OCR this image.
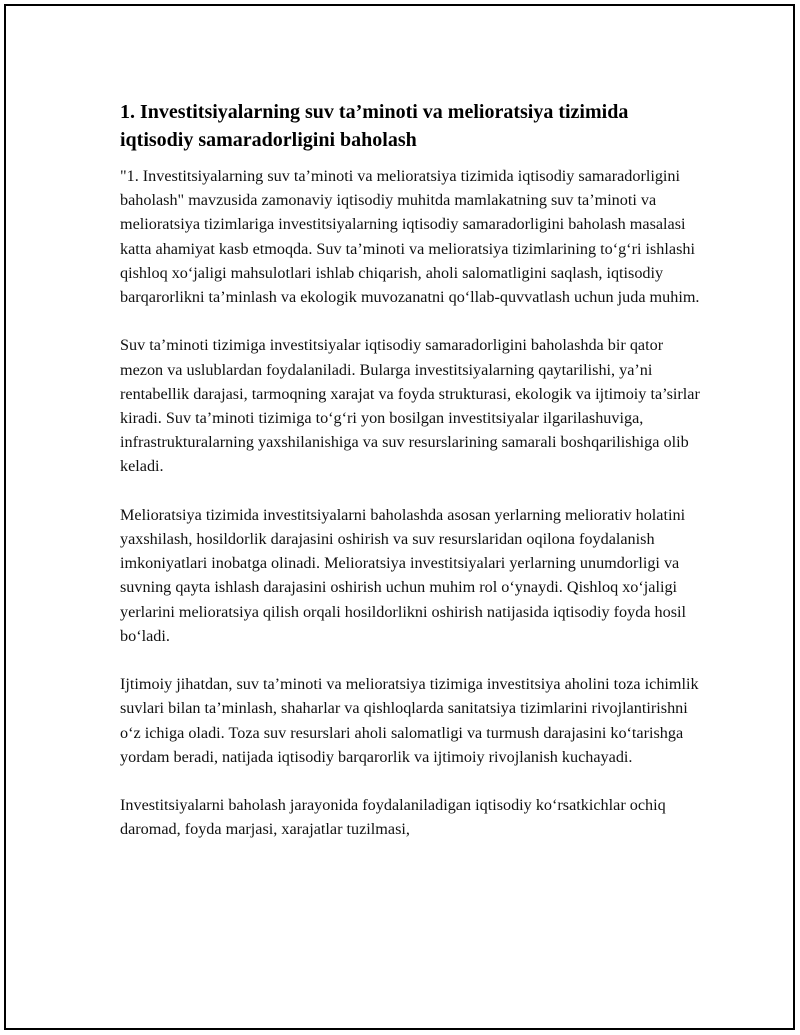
1. Investitsiyalarning suv ta’minoti va melioratsiya tizimida iqtisodiy samaradorligini baholash

"1. Investitsiyalarning suv ta’minoti va melioratsiya tizimida iqtisodiy samaradorligini baholash" mavzusida zamonaviy iqtisodiy muhitda mamlakatning suv ta’minoti va melioratsiya tizimlariga investitsiyalarning iqtisodiy samaradorligini baholash masalasi katta ahamiyat kasb etmoqda. Suv ta’minoti va melioratsiya tizimlarining to‘g‘ri ishlashi qishloq xo‘jaligi mahsulotlari ishlab chiqarish, aholi salomatligini saqlash, iqtisodiy barqarorlikni ta’minlash va ekologik muvozanatni qo‘llab-quvvatlash uchun juda muhim.

Suv ta’minoti tizimiga investitsiyalar iqtisodiy samaradorligini baholashda bir qator mezon va uslublardan foydalaniladi. Bularga investitsiyalarning qaytarilishi, ya’ni rentabellik darajasi, tarmoqning xarajat va foyda strukturasi, ekologik va ijtimoiy ta’sirlar kiradi. Suv ta’minoti tizimiga to‘g‘ri yon bosilgan investitsiyalar ilgarilashuviga, infrastrukturalarning yaxshilanishiga va suv resurslarining samarali boshqarilishiga olib keladi.

Melioratsiya tizimida investitsiyalarni baholashda asosan yerlarning meliorativ holatini yaxshilash, hosildorlik darajasini oshirish va suv resurslaridan oqilona foydalanish imkoniyatlari inobatga olinadi. Melioratsiya investitsiyalari yerlarning unumdorligi va suvning qayta ishlash darajasini oshirish uchun muhim rol o‘ynaydi. Qishloq xo‘jaligi yerlarini melioratsiya qilish orqali hosildorlikni oshirish natijasida iqtisodiy foyda hosil bo‘ladi.

Ijtimoiy jihatdan, suv ta’minoti va melioratsiya tizimiga investitsiya aholini toza ichimlik suvlari bilan ta’minlash, shaharlar va qishloqlarda sanitatsiya tizimlarini rivojlantirishni o‘z ichiga oladi. Toza suv resurslari aholi salomatligi va turmush darajasini ko‘tarishga yordam beradi, natijada iqtisodiy barqarorlik va ijtimoiy rivojlanish kuchayadi.

Investitsiyalarni baholash jarayonida foydalaniladigan iqtisodiy ko‘rsatkichlar ochiq daromad, foyda marjasi, xarajatlar tuzilmasi,
